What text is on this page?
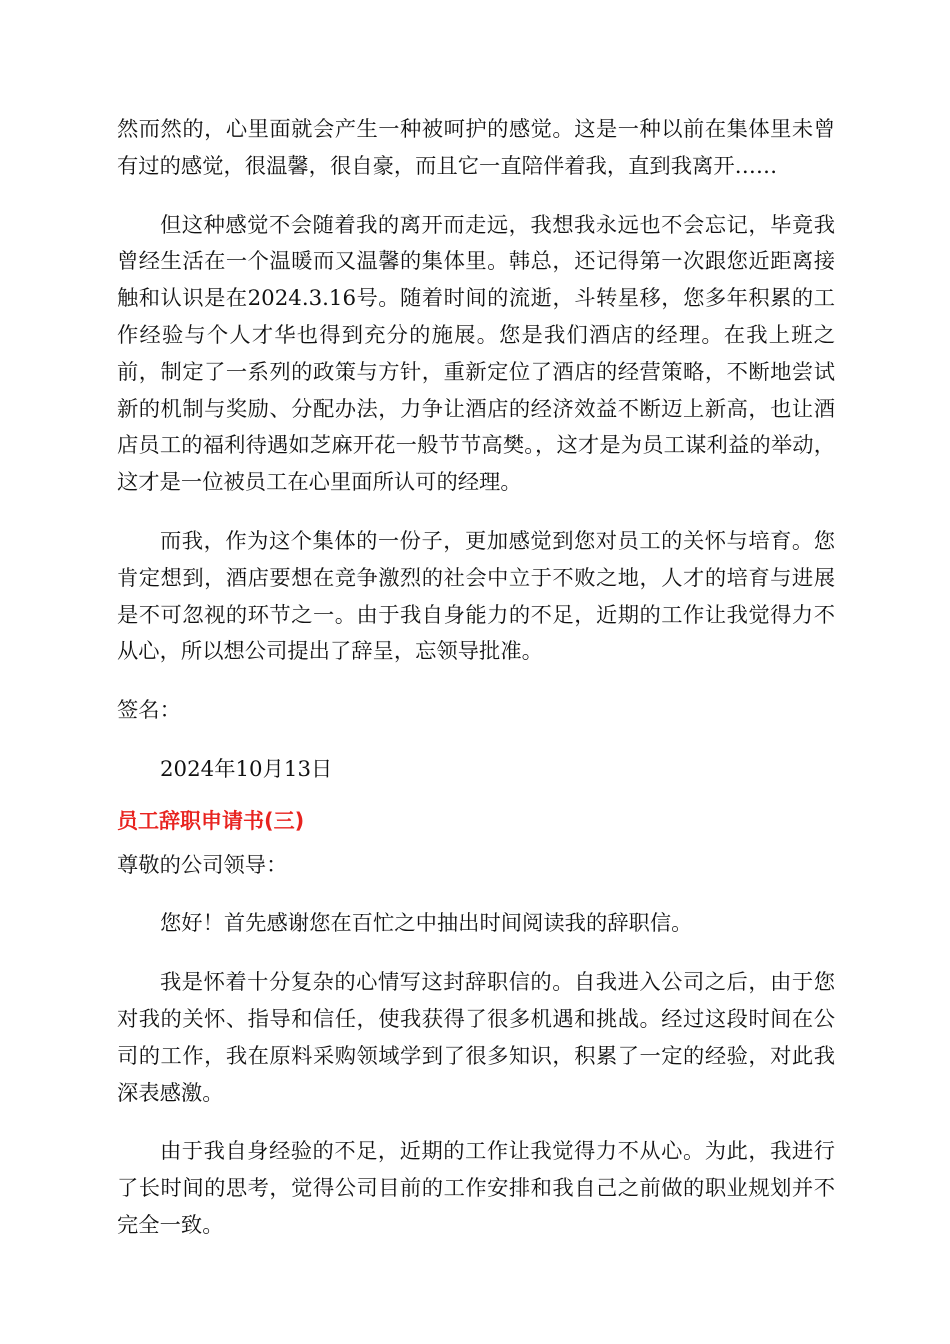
然而然的，心里面就会产生一种被呵护的感觉。这是一种以前在集体里未曾有过的感觉，很温馨，很自豪，而且它一直陪伴着我，直到我离开……

但这种感觉不会随着我的离开而走远，我想我永远也不会忘记，毕竟我曾经生活在一个温暖而又温馨的集体里。韩总，还记得第一次跟您近距离接触和认识是在2024.3.16号。随着时间的流逝，斗转星移，您多年积累的工作经验与个人才华也得到充分的施展。您是我们酒店的经理。在我上班之前，制定了一系列的政策与方针，重新定位了酒店的经营策略，不断地尝试新的机制与奖励、分配办法，力争让酒店的经济效益不断迈上新高，也让酒店员工的福利待遇如芝麻开花一般节节高樊。，这才是为员工谋利益的举动，这才是一位被员工在心里面所认可的经理。

而我，作为这个集体的一份子，更加感觉到您对员工的关怀与培育。您肯定想到，酒店要想在竞争激烈的社会中立于不败之地，人才的培育与进展是不可忽视的环节之一。由于我自身能力的不足，近期的工作让我觉得力不从心，所以想公司提出了辞呈，忘领导批准。

签名：

2024年10月13日

员工辞职申请书(三)

尊敬的公司领导：

您好！首先感谢您在百忙之中抽出时间阅读我的辞职信。

我是怀着十分复杂的心情写这封辞职信的。自我进入公司之后，由于您对我的关怀、指导和信任，使我获得了很多机遇和挑战。经过这段时间在公司的工作，我在原料采购领域学到了很多知识，积累了一定的经验，对此我深表感激。

由于我自身经验的不足，近期的工作让我觉得力不从心。为此，我进行了长时间的思考，觉得公司目前的工作安排和我自己之前做的职业规划并不完全一致。
